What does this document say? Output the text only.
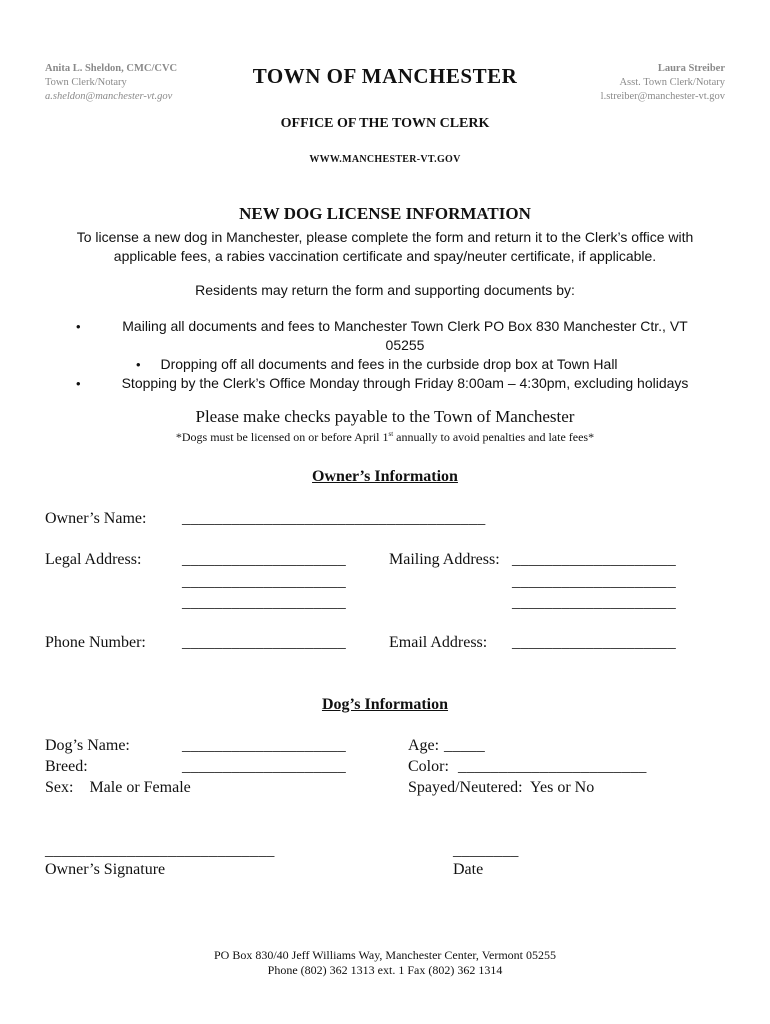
Anita L. Sheldon, CMC/CVC
Town Clerk/Notary
a.sheldon@manchester-vt.gov
TOWN OF MANCHESTER	Laura Streiber
Asst. Town Clerk/Notary
l.streiber@manchester-vt.gov
OFFICE OF THE TOWN CLERK
WWW.MANCHESTER-VT.GOV
NEW DOG LICENSE INFORMATION
To license a new dog in Manchester, please complete the form and return it to the Clerk’s office with
applicable fees, a rabies vaccination certificate and spay/neuter certificate, if applicable.
Residents may return the form and supporting documents by:
•	Mailing all documents and fees to Manchester Town Clerk PO Box 830 Manchester Ctr., VT
05255
•	Dropping off all documents and fees in the curbside drop box at Town Hall
•	Stopping by the Clerk’s Office Monday through Friday 8:00am – 4:30pm, excluding holidays
Please make checks payable to the Town of Manchester
*Dogs must be licensed on or before April 1st annually to avoid penalties and late fees*
Owner’s Information
Owner’s Name: _____________________________________
Legal Address:	____________________
____________________
____________________
Mailing Address: ____________________
____________________
____________________
Phone Number: ____________________	Email Address: ____________________
Dog’s Information
Dog’s Name:	____________________	Age: _____
Breed:	____________________	Color: _______________________
Sex:    Male or Female	Spayed/Neutered:  Yes or No
____________________________
Owner’s Signature
________
Date
PO Box 830/40 Jeff Williams Way, Manchester Center, Vermont 05255
Phone (802) 362 1313 ext. 1 Fax (802) 362 1314
